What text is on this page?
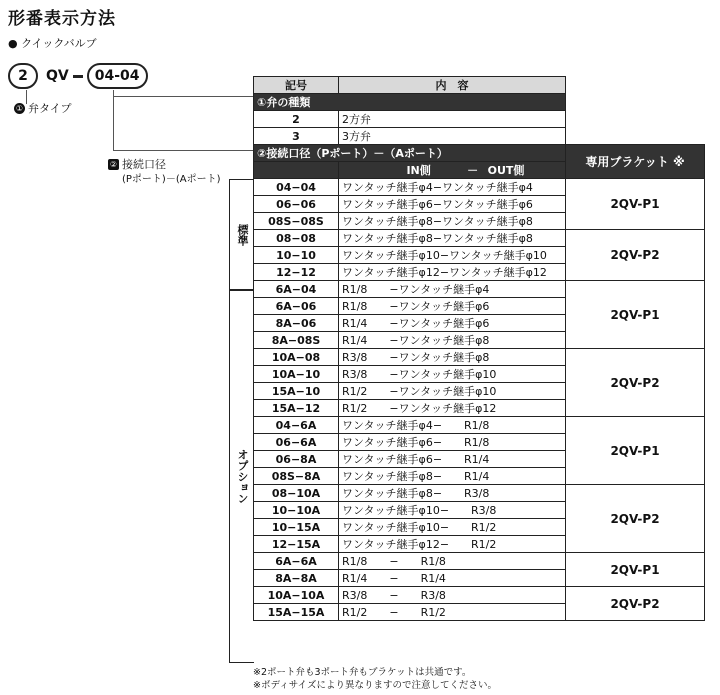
形番表示方法
● クイックバルブ
2	QV	04-04
① 弁タイプ
② 接続口径
(Pポート)－(Aポート)
標準
オプション
記号	内　容	
①弁の種類		
2	2方弁	
3	3方弁	
②接続口径（Pポート）－（Aポート）		専用ブラケット ※
	IN側 － OUT側	
04−04	ワンタッチ継手φ4−ワンタッチ継手φ4	2QV-P1
06−06	ワンタッチ継手φ6−ワンタッチ継手φ6	
08S−08S	ワンタッチ継手φ8−ワンタッチ継手φ8	
08−08	ワンタッチ継手φ8−ワンタッチ継手φ8	2QV-P2
10−10	ワンタッチ継手φ10−ワンタッチ継手φ10	
12−12	ワンタッチ継手φ12−ワンタッチ継手φ12	
6A−04	R1/8　　−ワンタッチ継手φ4	2QV-P1
6A−06	R1/8　　−ワンタッチ継手φ6	
8A−06	R1/4　　−ワンタッチ継手φ6	
8A−08S	R1/4　　−ワンタッチ継手φ8	
10A−08	R3/8　　−ワンタッチ継手φ8	2QV-P2
10A−10	R3/8　　−ワンタッチ継手φ10	
15A−10	R1/2　　−ワンタッチ継手φ10	
15A−12	R1/2　　−ワンタッチ継手φ12	
04−6A	ワンタッチ継手φ4−　　R1/8	2QV-P1
06−6A	ワンタッチ継手φ6−　　R1/8	
06−8A	ワンタッチ継手φ6−　　R1/4	
08S−8A	ワンタッチ継手φ8−　　R1/4	
08−10A	ワンタッチ継手φ8−　　R3/8	2QV-P2
10−10A	ワンタッチ継手φ10−　　R3/8	
10−15A	ワンタッチ継手φ10−　　R1/2	
12−15A	ワンタッチ継手φ12−　　R1/2	
6A−6A	R1/8　　−　　R1/8	2QV-P1
8A−8A	R1/4　　−　　R1/4	
10A−10A	R3/8　　−　　R3/8	2QV-P2
15A−15A	R1/2　　−　　R1/2	
※2ポート弁も3ポート弁もブラケットは共通です。
※ボディサイズにより異なりますので注意してください。
